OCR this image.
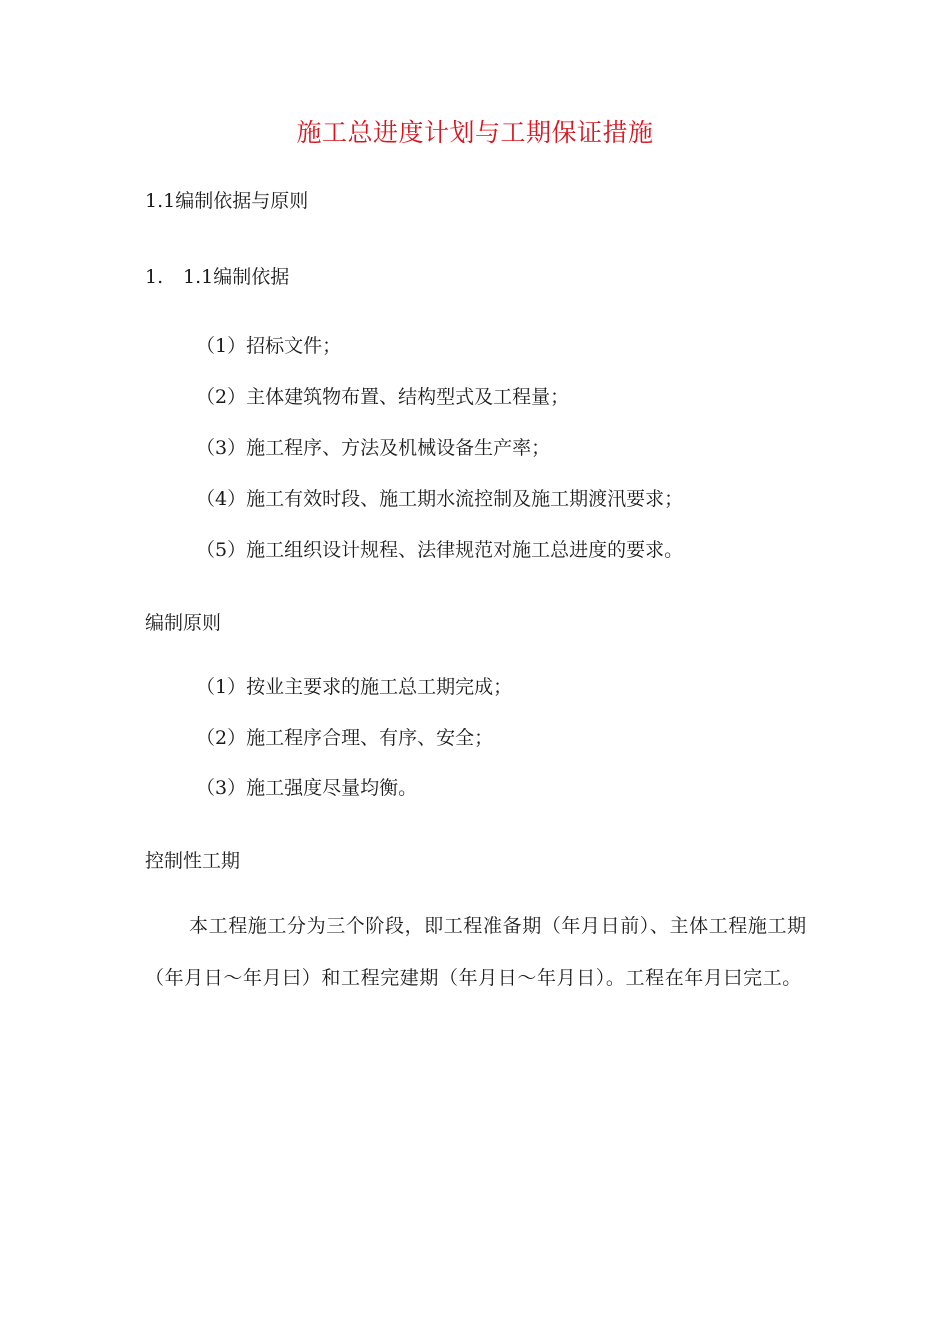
施工总进度计划与工期保证措施
1.1编制依据与原则
1. 1.1编制依据
（1）招标文件；
（2）主体建筑物布置、结构型式及工程量；
（3）施工程序、方法及机械设备生产率；
（4）施工有效时段、施工期水流控制及施工期渡汛要求；
（5）施工组织设计规程、法律规范对施工总进度的要求。
编制原则
（1）按业主要求的施工总工期完成；
（2）施工程序合理、有序、安全；
（3）施工强度尽量均衡。
控制性工期
本工程施工分为三个阶段，即工程准备期（年月日前）、主体工程施工期（年月日〜年月曰）和工程完建期（年月日〜年月日）。工程在年月曰完工。
